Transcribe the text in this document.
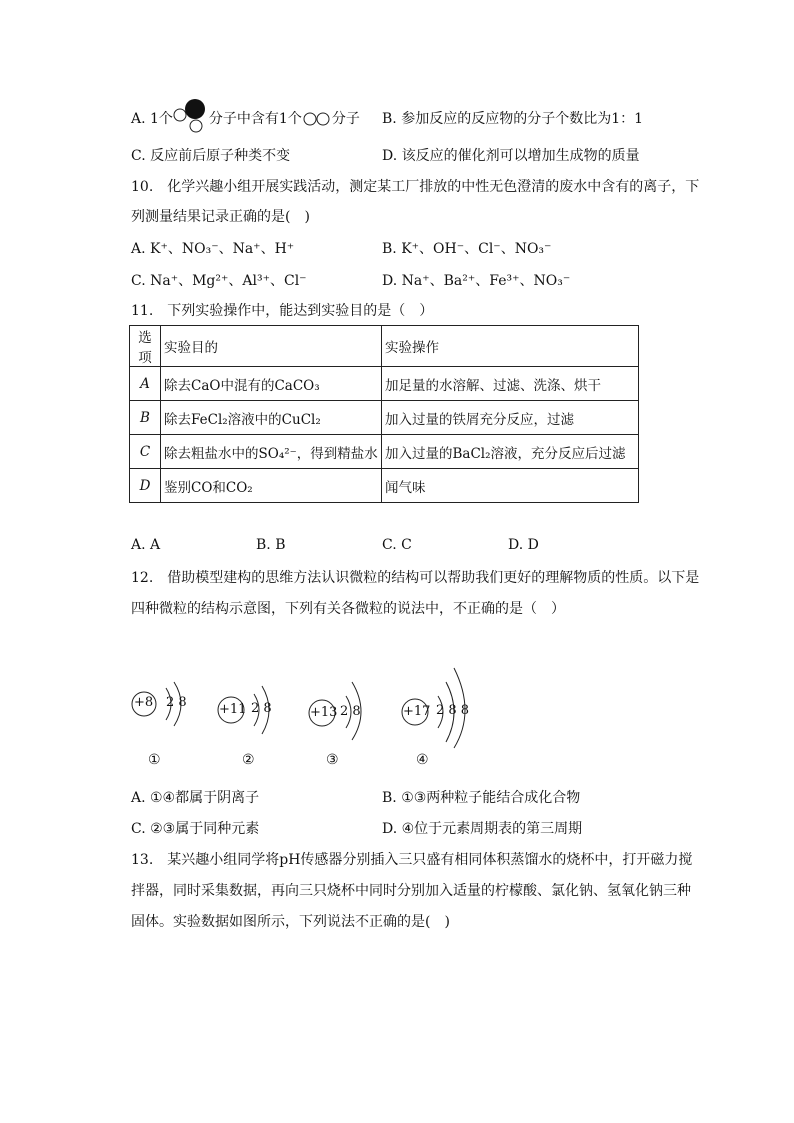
A. 1个	分子中含有1个 分子 B. 参加反应的反应物的分子个数比为1：1
C. 反应前后原子种类不变	D. 该反应的催化剂可以增加生成物的质量
10.　化学兴趣小组开展实践活动，测定某工厂排放的中性无色澄清的废水中含有的离子，下
列测量结果记录正确的是(　)
A. K⁺、NO₃⁻、Na⁺、H⁺	B. K⁺、OH⁻、Cl⁻、NO₃⁻
C. Na⁺、Mg²⁺、Al³⁺、Cl⁻	D. Na⁺、Ba²⁺、Fe³⁺、NO₃⁻
11.　下列实验操作中，能达到实验目的是（　）
选项	实验目的	实验操作
A	除去CaO中混有的CaCO₃	加足量的水溶解、过滤、洗涤、烘干
B	除去FeCl₂溶液中的CuCl₂	加入过量的铁屑充分反应，过滤
C	除去粗盐水中的SO₄²⁻，得到精盐水	加入过量的BaCl₂溶液，充分反应后过滤
D	鉴别CO和CO₂	闻气味
A. A	B. B	C. C	D. D
12.　借助模型建构的思维方法认识微粒的结构可以帮助我们更好的理解物质的性质。以下是
四种微粒的结构示意图，下列有关各微粒的说法中，不正确的是（　）
+8 2 8
①
+11 2 8
②
+13 2 8
③
+17 2 8 8
④
A. ①④都属于阴离子	B. ①③两种粒子能结合成化合物
C. ②③属于同种元素	D. ④位于元素周期表的第三周期
13.　某兴趣小组同学将pH传感器分别插入三只盛有相同体积蒸馏水的烧杯中，打开磁力搅
拌器，同时采集数据，再向三只烧杯中同时分别加入适量的柠檬酸、氯化钠、氢氧化钠三种
固体。实验数据如图所示，下列说法不正确的是(　)
